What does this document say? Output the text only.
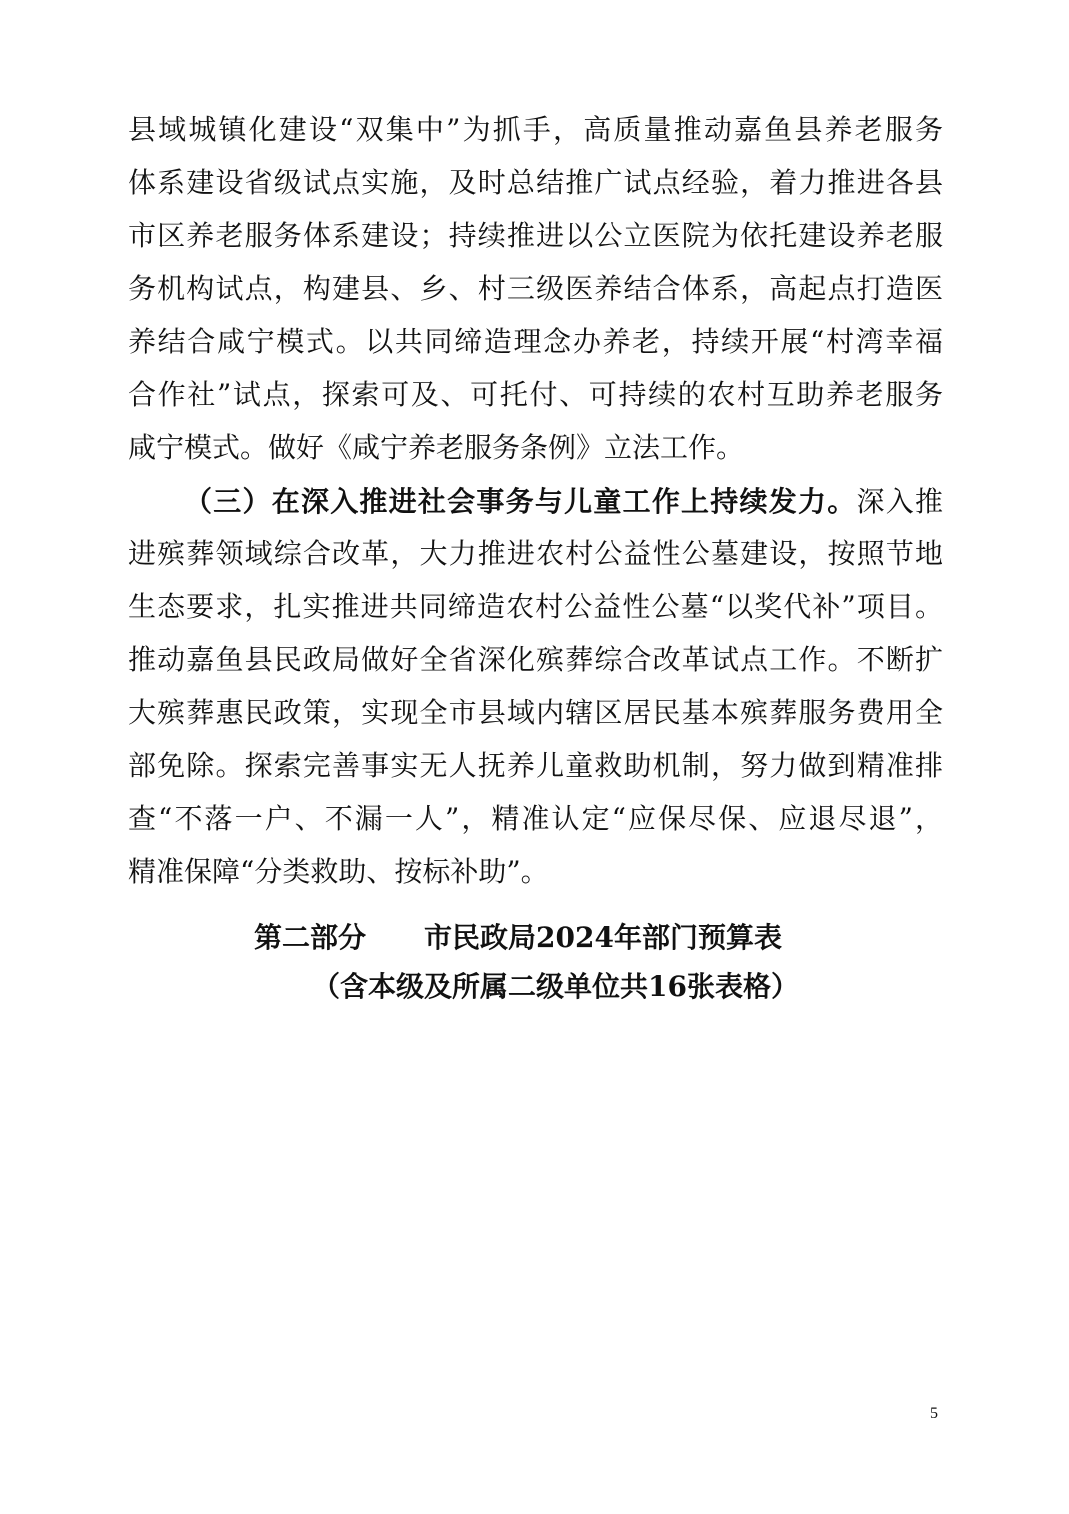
县域城镇化建设“双集中”为抓手，高质量推动嘉鱼县养老服务
体系建设省级试点实施，及时总结推广试点经验，着力推进各县
市区养老服务体系建设；持续推进以公立医院为依托建设养老服
务机构试点，构建县、乡、村三级医养结合体系，高起点打造医
养结合咸宁模式。以共同缔造理念办养老，持续开展“村湾幸福
合作社”试点，探索可及、可托付、可持续的农村互助养老服务
咸宁模式。做好《咸宁养老服务条例》立法工作。
（三）在深入推进社会事务与儿童工作上持续发力。深入推
进殡葬领域综合改革，大力推进农村公益性公墓建设，按照节地
生态要求，扎实推进共同缔造农村公益性公墓“以奖代补”项目。
推动嘉鱼县民政局做好全省深化殡葬综合改革试点工作。不断扩
大殡葬惠民政策，实现全市县域内辖区居民基本殡葬服务费用全
部免除。探索完善事实无人抚养儿童救助机制，努力做到精准排
查“不落一户、不漏一人”，精准认定“应保尽保、应退尽退”，
精准保障“分类救助、按标补助”。
第二部分 市民政局2024年部门预算表
（含本级及所属二级单位共16张表格）
5
